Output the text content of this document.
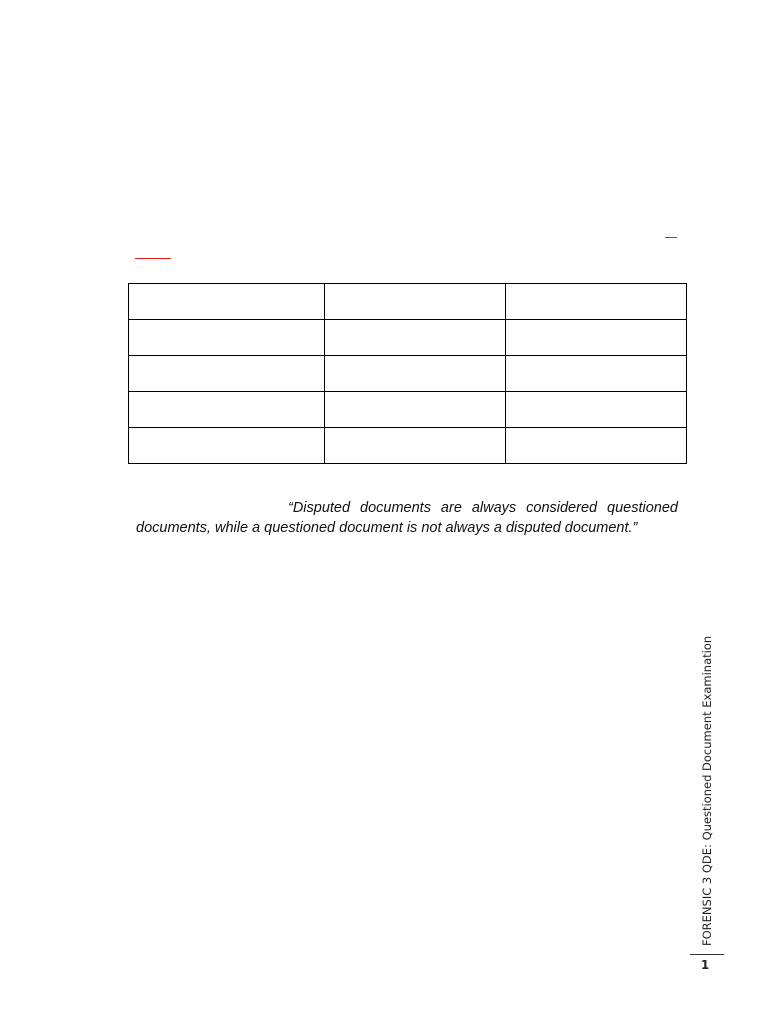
“Disputed documents are always considered questioned
documents, while a questioned document is not always a disputed document.”
FORENSIC 3 QDE: Questioned Document Examination
1
